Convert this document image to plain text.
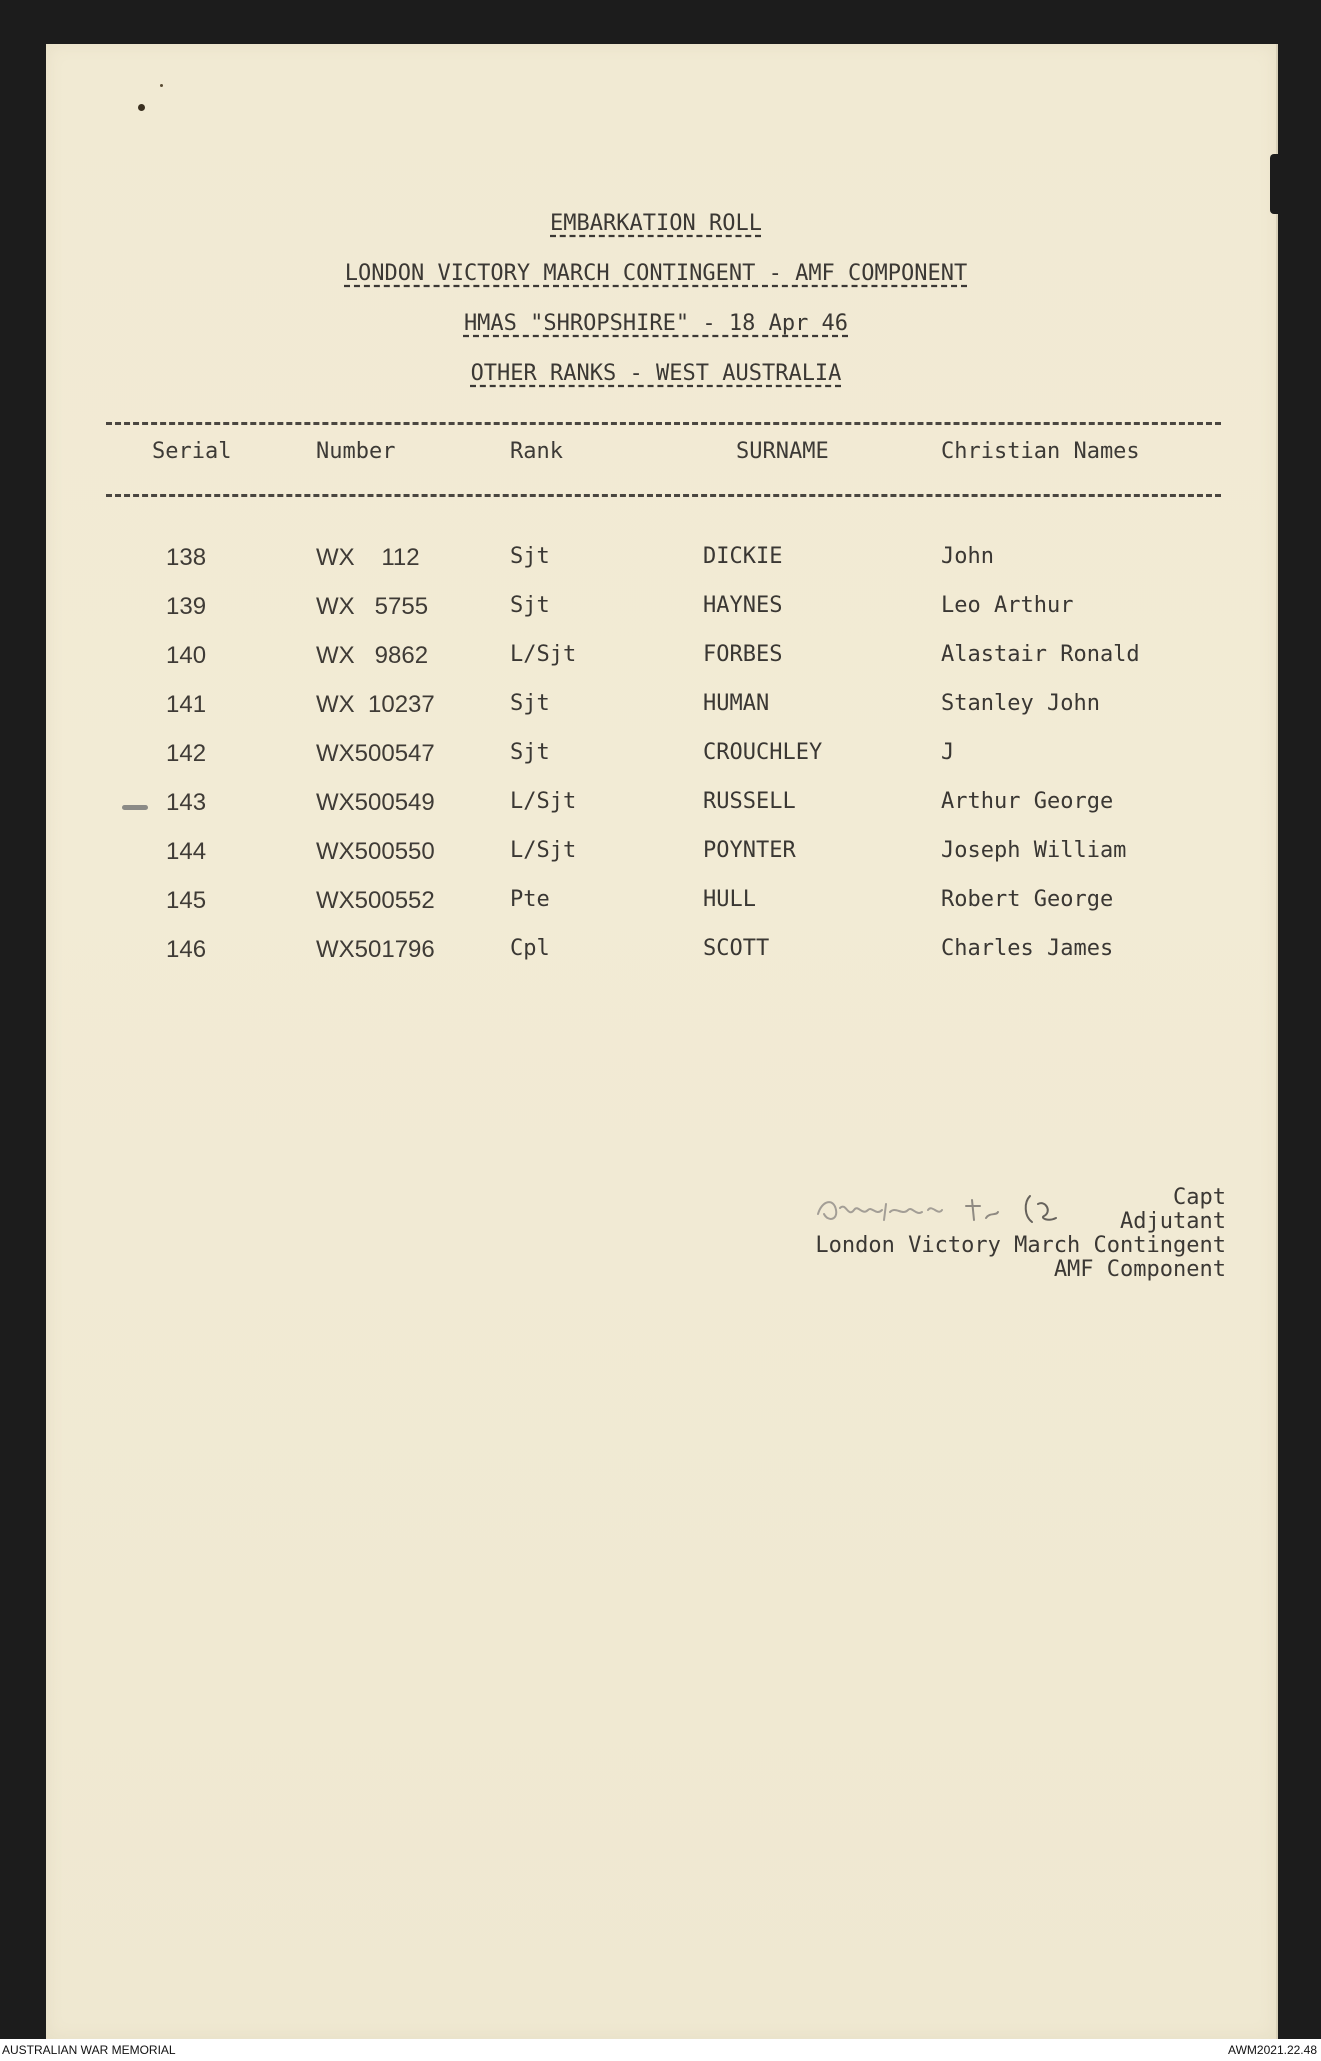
EMBARKATION ROLL
LONDON VICTORY MARCH CONTINGENT - AMF COMPONENT
HMAS "SHROPSHIRE" - 18 Apr 46
OTHER RANKS - WEST AUSTRALIA
Serial	Number	Rank	SURNAME	Christian Names
138	WX    112	Sjt	DICKIE	John
139	WX   5755	Sjt	HAYNES	Leo Arthur
140	WX   9862	L/Sjt	FORBES	Alastair Ronald
141	WX  10237	Sjt	HUMAN	Stanley John
142	WX500547	Sjt	CROUCHLEY	J
143	WX500549	L/Sjt	RUSSELL	Arthur George
144	WX500550	L/Sjt	POYNTER	Joseph William
145	WX500552	Pte	HULL	Robert George
146	WX501796	Cpl	SCOTT	Charles James
Capt
Adjutant
London Victory March Contingent
AMF Component
AUSTRALIAN WAR MEMORIAL	AWM2021.22.48
